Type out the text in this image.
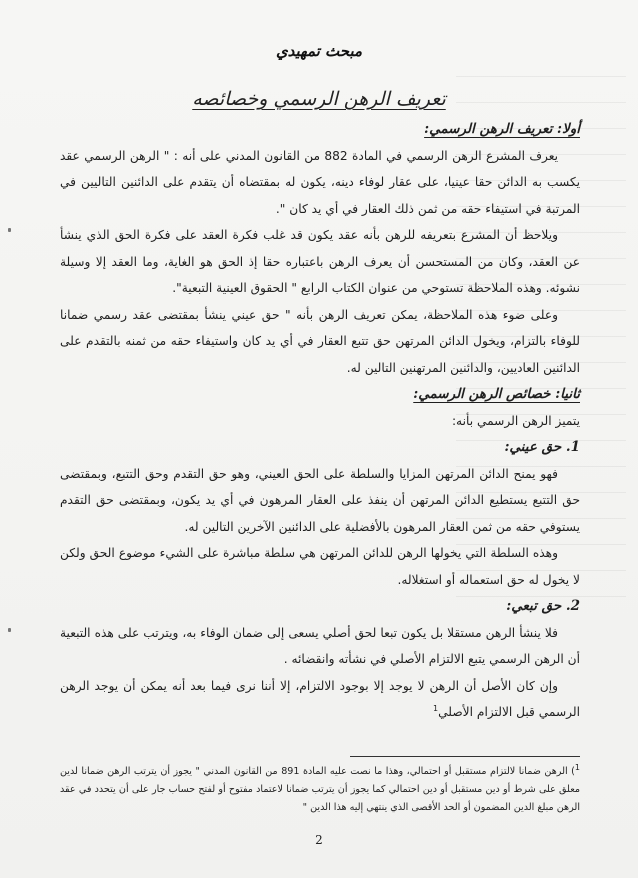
مبحث تمهيدي
تعريف الرهن الرسمي وخصائصه

أولا: تعريف الرهن الرسمي:

يعرف المشرع الرهن الرسمي في المادة 882 من القانون المدني على أنه : " الرهن الرسمي عقد يكسب به الدائن حقا عينيا، على عقار لوفاء دينه، يكون له بمقتضاه أن يتقدم على الدائنين التاليين في المرتبة في استيفاء حقه من ثمن ذلك العقار في أي يد كان ".

ويلاحظ أن المشرع بتعريفه للرهن بأنه عقد يكون قد غلب فكرة العقد على فكرة الحق الذي ينشأ عن العقد، وكان من المستحسن أن يعرف الرهن باعتباره حقا إذ الحق هو الغاية، وما العقد إلا وسيلة نشوئه. وهذه الملاحظة تستوحي من عنوان الكتاب الرابع " الحقوق العينية التبعية".

وعلى ضوء هذه الملاحظة، يمكن تعريف الرهن بأنه " حق عيني ينشأ بمقتضى عقد رسمي ضمانا للوفاء بالتزام، ويخول الدائن المرتهن حق تتبع العقار في أي يد كان واستيفاء حقه من ثمنه بالتقدم على الدائنين العاديين، والدائنين المرتهنين التالين له.

ثانيا: خصائص الرهن الرسمي:

يتميز الرهن الرسمي بأنه:

1. حق عيني:

فهو يمنح الدائن المرتهن المزايا والسلطة على الحق العيني، وهو حق التقدم وحق التتبع، وبمقتضى حق التتبع يستطيع الدائن المرتهن أن ينفذ على العقار المرهون في أي يد يكون، وبمقتضى حق التقدم يستوفي حقه من ثمن العقار المرهون بالأفضلية على الدائنين الآخرين التالين له.

وهذه السلطة التي يخولها الرهن للدائن المرتهن هي سلطة مباشرة على الشيء موضوع الحق ولكن لا يخول له حق استعماله أو استغلاله.

2. حق تبعي:

فلا ينشأ الرهن مستقلا بل يكون تبعا لحق أصلي يسعى إلى ضمان الوفاء به، ويترتب على هذه التبعية أن الرهن الرسمي يتبع الالتزام الأصلي في نشأته وانقضائه .

وإن كان الأصل أن الرهن لا يوجد إلا بوجود الالتزام، إلا أننا نرى فيما بعد أنه يمكن أن يوجد الرهن الرسمي قبل الالتزام الأصلي$^1$

$^1$) الرهن ضمانا لالتزام مستقبل أو احتمالي، وهذا ما نصت عليه المادة 891 من القانون المدني " يجوز أن يترتب الرهن ضمانا لدين معلق على شرط أو دين مستقبل أو دين احتمالي كما يجوز أن يترتب ضمانا لاعتماد مفتوح أو لفتح حساب جار على أن يتحدد في عقد الرهن مبلغ الدين المضمون أو الحد الأقصى الذي ينتهي إليه هذا الدين "
2
